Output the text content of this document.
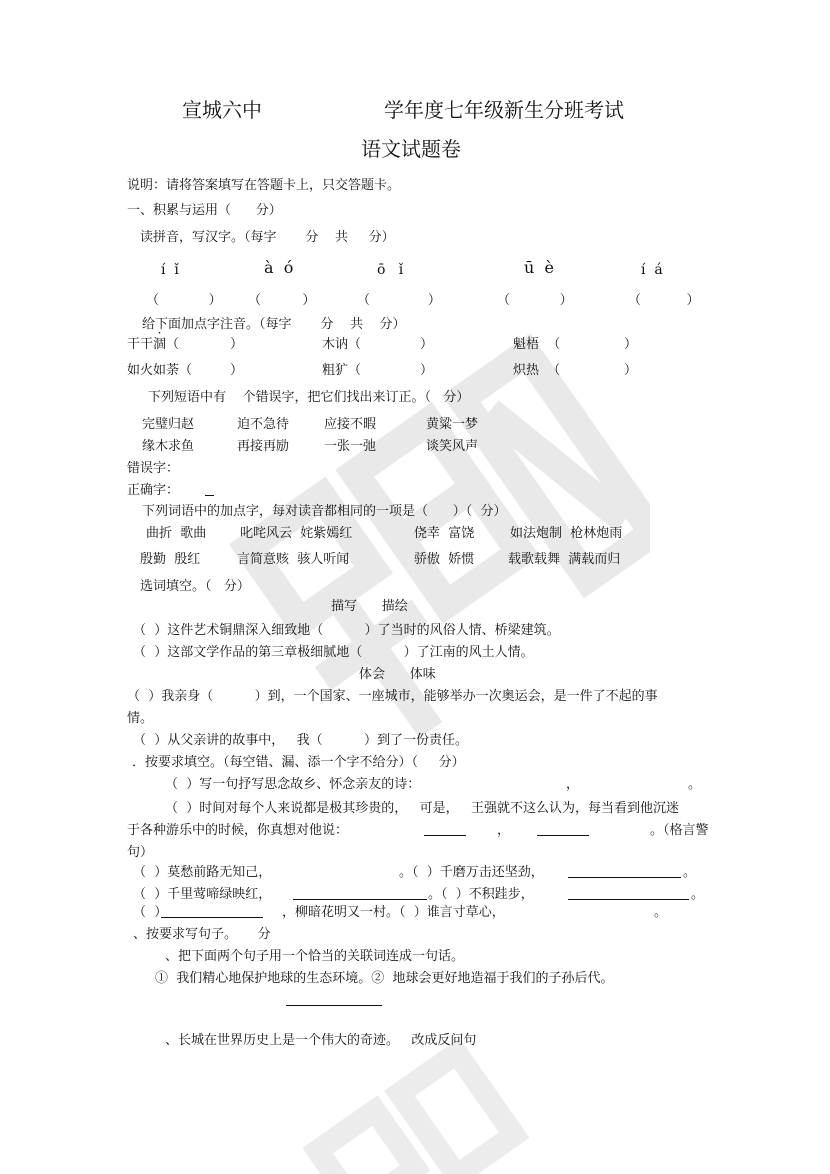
宣城六中	学年度七年级新生分班考试
语文试题卷
说明：请将答案填写在答题卡上，只交答题卡。
一、积累与运用（      分）
读拼音，写汉字。（每字       分    共     分）
í  ǐ	à  ó	ō   ǐ	ū  è	í  á
（            ） （          ）	（              ）	（            ）	（           ）
给下面加点字注音。（每字       分    共    分）
干· 干涸（	）	木讷（	）	魁梧  （	）
如火如荼（	）	粗犷（	）	炽热  （	）
下列短语中有    个错误字，把它们找出来订正。（   分）
完璧归赵	迫不急待	应接不暇	黄粱一梦
缘木求鱼	再接再励	一张一弛	谈笑风声
错误字：
正确字：
下列词语中的加点字，每对读音都相同的一项是（      ）（  分）
曲折  歌曲	叱咤风云  姹紫嫣红	侥幸  富饶	如法炮制  枪林炮雨
殷勤  殷红	言简意赅  骇人听闻	骄傲  娇惯	载歌载舞  满载而归
选词填空。（   分）
描写      描绘
（  ）这件艺术铜鼎深入细致地（          ）了当时的风俗人情、桥梁建筑。
（  ）这部文学作品的第三章极细腻地（          ）了江南的风土人情。
体会      体味
（  ）我亲身（          ）到，一个国家、一座城市，能够举办一次奥运会，是一件了不起的事
情。
（  ）从父亲讲的故事中，   我（          ）到了一份责任。
．按要求填空。（每空错、漏、添一个字不给分）（     分）
（  ）写一句抒写思念故乡、怀念亲友的诗：	，	。
（  ）时间对每个人来说都是极其珍贵的，   可是，   王强就不这么认为，每当看到他沉迷
于各种游乐中的时候，你真想对他说：	，	。（格言警
句）
（  ）莫愁前路无知己，	。（  ）千磨万击还坚劲，	。
（  ）千里莺啼绿映红，	。（  ）不积跬步，	。
（  ）	，柳暗花明又一村。（  ）谁言寸草心，	。
、按要求写句子。     分
、把下面两个句子用一个恰当的关联词连成一句话。
①  我们精心地保护地球的生态环境。②  地球会更好地造福于我们的子孙后代。
、长城在世界历史上是一个伟大的奇迹。   改成反问句
